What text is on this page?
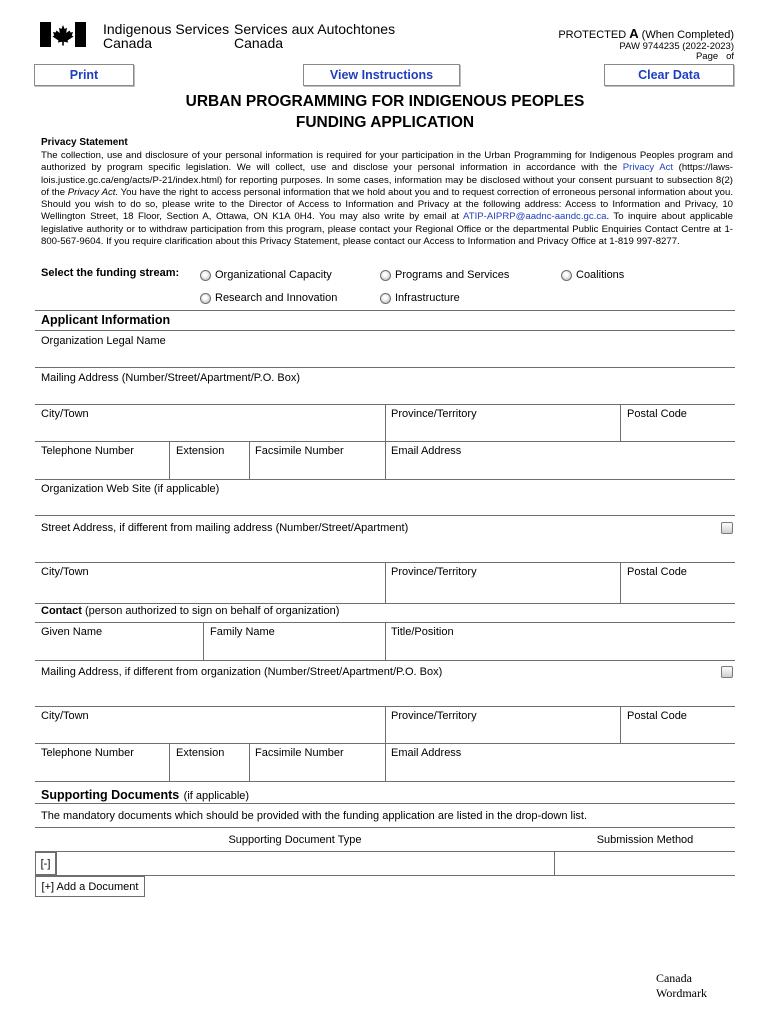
Indigenous Services
Canada
Services aux Autochtones
Canada	PROTECTED A (When Completed)
PAW 9744235 (2022-2023)
Page of
Print	View Instructions	Clear Data
URBAN PROGRAMMING FOR INDIGENOUS PEOPLES
FUNDING APPLICATION
Privacy Statement
The collection, use and disclosure of your personal information is required for your participation in the Urban Programming for Indigenous Peoples program and authorized by program specific legislation. We will collect, use and disclose your personal information in accordance with the Privacy Act (https://laws-lois.justice.gc.ca/eng/acts/P-21/index.html) for reporting purposes. In some cases, information may be disclosed without your consent pursuant to subsection 8(2) of the Privacy Act. You have the right to access personal information that we hold about you and to request correction of erroneous personal information about you. Should you wish to do so, please write to the Director of Access to Information and Privacy at the following address: Access to Information and Privacy, 10 Wellington Street, 18 Floor, Section A, Ottawa, ON K1A 0H4. You may also write by email at ATIP-AIPRP@aadnc-aandc.gc.ca. To inquire about applicable legislative authority or to withdraw participation from this program, please contact your Regional Office or the departmental Public Enquiries Contact Centre at 1-800-567-9604. If you require clarification about this Privacy Statement, please contact our Access to Information and Privacy Office at 1-819 997-8277.
Select the funding stream:	Organizational Capacity	Programs and Services	Coalitions
Research and Innovation	Infrastructure
Applicant Information
Organization Legal Name
Mailing Address (Number/Street/Apartment/P.O. Box)
City/Town	Province/Territory	Postal Code
Telephone Number	Extension	Facsimile Number	Email Address
Organization Web Site (if applicable)
Street Address, if different from mailing address (Number/Street/Apartment)
City/Town	Province/Territory	Postal Code
Contact (person authorized to sign on behalf of organization)
Given Name	Family Name	Title/Position
Mailing Address, if different from organization (Number/Street/Apartment/P.O. Box)
City/Town	Province/Territory	Postal Code
Telephone Number	Extension	Facsimile Number	Email Address
Supporting Documents (if applicable)
The mandatory documents which should be provided with the funding application are listed in the drop-down list.
Supporting Document Type	Submission Method
[-]
[+] Add a Document
Canada
Wordmark
